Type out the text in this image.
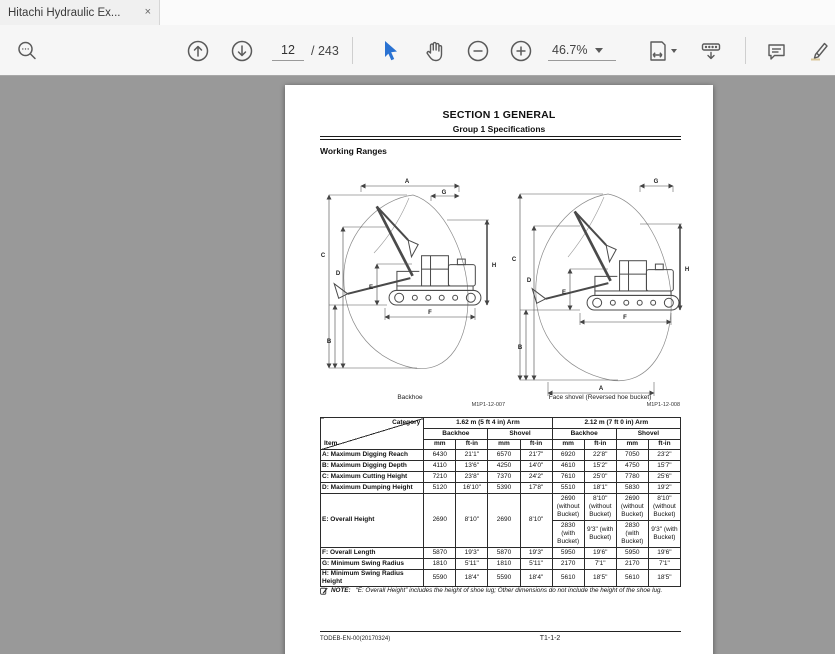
Hitachi Hydraulic Ex...	×
12
/ 243	46.7%
SECTION 1 GENERAL
Group 1 Specifications
Working Ranges
A
G
C
D
B
E
H
F
G
C
D
B
E
H
F
A
Backhoe
M1P1-12-007
Face shovel (Reversed hoe bucket)
M1P1-12-008
Category
Item	1.62 m (5 ft 4 in) Arm				2.12 m (7 ft 0 in) Arm			
	Backhoe		Shovel		Backhoe		Shovel	
	mm	ft-in	mm	ft-in	mm	ft-in	mm	ft-in
A: Maximum Digging Reach	6430	21'1"	6570	21'7"	6920	22'8"	7050	23'2"
B: Maximum Digging Depth	4110	13'6"	4250	14'0"	4610	15'2"	4750	15'7"
C: Maximum Cutting Height	7210	23'8"	7370	24'2"	7610	25'0"	7780	25'6"
D: Maximum Dumping Height	5120	16'10"	5390	17'8"	5510	18'1"	5830	19'2"
E: Overall Height	2690	8'10"	2690	8'10"	2690 (without Bucket)	8'10" (without Bucket)	2690 (without Bucket)	8'10" (without Bucket)
					2830 (with Bucket)	9'3" (with Bucket)	2830 (with Bucket)	9'3" (with Bucket)
F: Overall Length	5870	19'3"	5870	19'3"	5950	19'6"	5950	19'6"
G: Minimum Swing Radius	1810	5'11"	1810	5'11"	2170	7'1"	2170	7'1"
H: Minimum Swing Radius Height	5590	18'4"	5590	18'4"	5610	18'5"	5610	18'5"
NOTE: “E: Overall Height” includes the height of shoe lug; Other dimensions do not include the height of the shoe lug.
TODEB-EN-00(20170324)	T1-1-2
